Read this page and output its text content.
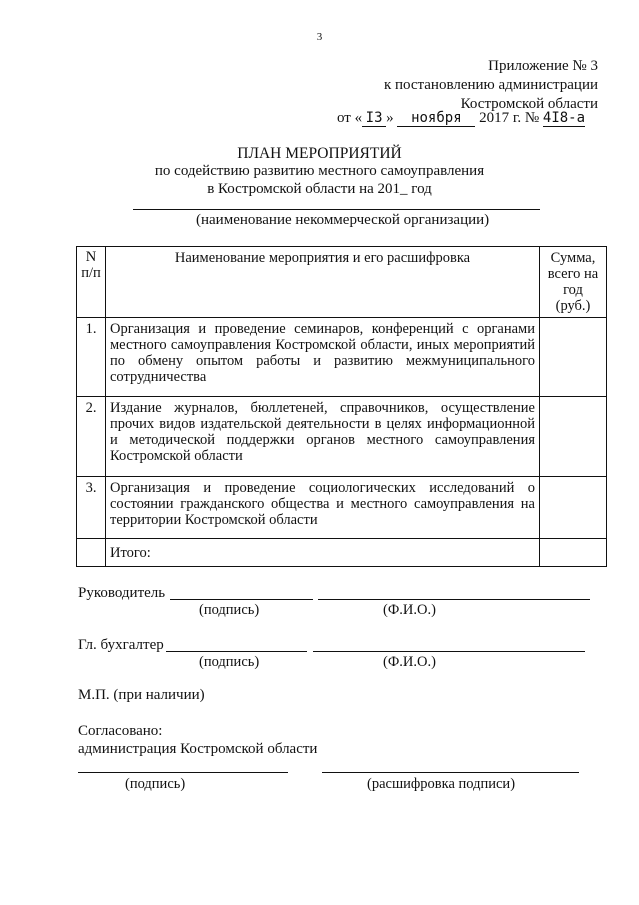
3
Приложение № 3
к постановлению администрации
Костромской области
от « I3 » ноября 2017 г. № 4I8-а
ПЛАН МЕРОПРИЯТИЙ
по содействию развитию местного самоуправления
в Костромской области на 201_ год
(наименование некоммерческой организации)
N п/п	Наименование мероприятия и его расшифровка	Сумма, всего на год (руб.)
1.	Организация и проведение семинаров, конференций с органами местного самоуправления Костромской области, иных мероприятий по обмену опытом работы и развитию межмуниципального сотрудничества	
2.	Издание журналов, бюллетеней, справочников, осуществление прочих видов издательской деятельности в целях информационной и методической поддержки органов местного самоуправления Костромской области	
3.	Организация и проведение социологических исследований о состоянии гражданского общества и местного самоуправления на территории Костромской области	
	Итого:	
Руководитель
(подпись)	(Ф.И.О.)
Гл. бухгалтер
(подпись)	(Ф.И.О.)
М.П. (при наличии)
Согласовано:
администрация Костромской области
(подпись)	(расшифровка подписи)
